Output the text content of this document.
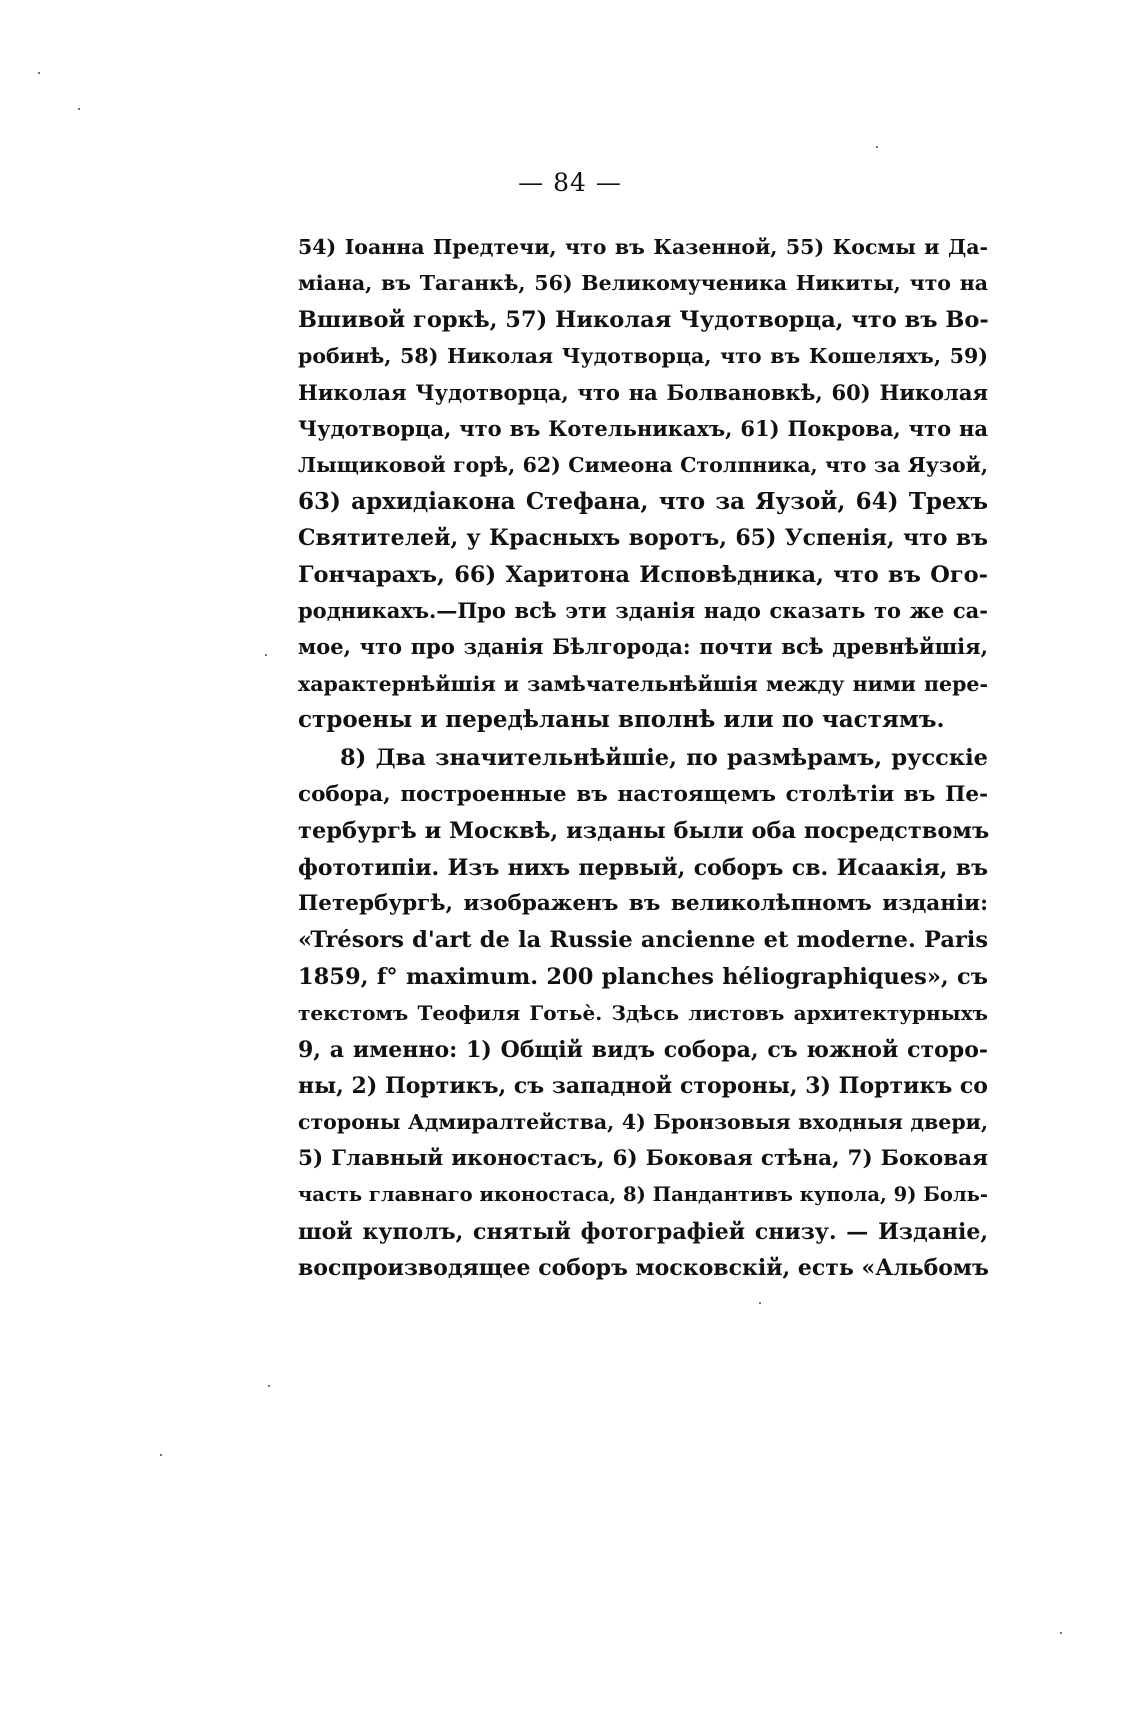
— 84 —
54) Іоанна Предтечи, что въ Казенной, 55) Космы и Да-
міана, въ Таганкѣ, 56) Великомученика Никиты, что на
Вшивой горкѣ, 57) Николая Чудотворца, что въ Во-
робинѣ, 58) Николая Чудотворца, что въ Кошеляхъ, 59)
Николая Чудотворца, что на Болвановкѣ, 60) Николая
Чудотворца, что въ Котельникахъ, 61) Покрова, что на
Лыщиковой горѣ, 62) Симеона Столпника, что за Яузой,
63) архидіакона Стефана, что за Яузой, 64) Трехъ
Святителей, у Красныхъ воротъ, 65) Успенія, что въ
Гончарахъ, 66) Харитона Исповѣдника, что въ Ого-
родникахъ.—Про всѣ эти зданія надо сказать то же са-
мое, что про зданія Бѣлгорода: почти всѣ древнѣйшія,
характернѣйшія и замѣчательнѣйшія между ними пере-
строены и передѣланы вполнѣ или по частямъ.
8) Два значительнѣйшіе, по размѣрамъ, русскіе
собора, построенные въ настоящемъ столѣтіи въ Пе-
тербургѣ и Москвѣ, изданы были оба посредствомъ
фототипіи. Изъ нихъ первый, соборъ св. Исаакія, въ
Петербургѣ, изображенъ въ великолѣпномъ изданіи:
«Trésors d'art de la Russie ancienne et moderne. Paris
1859, f° maximum. 200 planches héliographiques», съ
текстомъ Теофиля Готьѐ. Здѣсь листовъ архитектурныхъ
9, а именно: 1) Общій видъ собора, съ южной сторо-
ны, 2) Портикъ, съ западной стороны, 3) Портикъ со
стороны Адмиралтейства, 4) Бронзовыя входныя двери,
5) Главный иконостасъ, 6) Боковая стѣна, 7) Боковая
часть главнаго иконостаса, 8) Пандантивъ купола, 9) Боль-
шой куполъ, снятый фотографіей снизу. — Изданіе,
воспроизводящее соборъ московскій, есть «Альбомъ
